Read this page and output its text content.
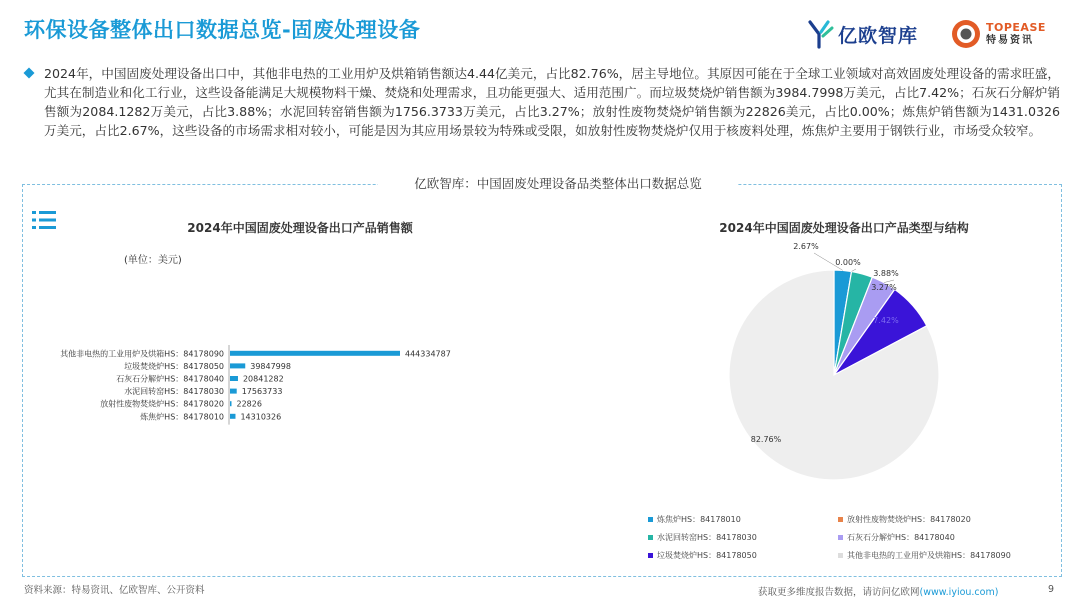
环保设备整体出口数据总览-固废处理设备	亿欧智库	TOPEASE
特易资讯

2024年，中国固废处理设备出口中，其他非电热的工业用炉及烘箱销售额达4.44亿美元，占比82.76%，居主导地位。其原因可能在于全球工业领域对高效固废处理设备的需求旺盛，尤其在制造业和化工行业，这些设备能满足大规模物料干燥、焚烧和处理需求，且功能更强大、适用范围广。而垃圾焚烧炉销售额为3984.7998万美元，占比7.42%；石灰石分解炉销售额为2084.1282万美元，占比3.88%；水泥回转窑销售额为1756.3733万美元，占比3.27%；放射性废物焚烧炉销售额为22826美元，占比0.00%；炼焦炉销售额为1431.0326万美元，占比2.67%，这些设备的市场需求相对较小，可能是因为其应用场景较为特殊或受限，如放射性废物焚烧炉仅用于核废料处理，炼焦炉主要用于钢铁行业，市场受众较窄。

亿欧智库：中国固废处理设备品类整体出口数据总览
2024年中国固废处理设备出口产品销售额
(单位：美元)
其他非电热的工业用炉及烘箱HS：84178090	444334787
垃圾焚烧炉HS：84178050	39847998
石灰石分解炉HS：84178040 20841282
水泥回转窑HS：84178030 17563733
放射性废物焚烧炉HS：84178020 22826
炼焦炉HS：84178010 14310326
2024年中国固废处理设备出口产品类型与结构
2.67%
0.00%
3.27%
3.88%
7.42%
82.76%
炼焦炉HS：84178010	放射性废物焚烧炉HS：84178020
水泥回转窑HS：84178030	石灰石分解炉HS：84178040
垃圾焚烧炉HS：84178050	其他非电热的工业用炉及烘箱HS：84178090
资料来源：特易资讯、亿欧智库、公开资料	获取更多维度报告数据，请访问亿欧网(www.iyiou.com)	9
